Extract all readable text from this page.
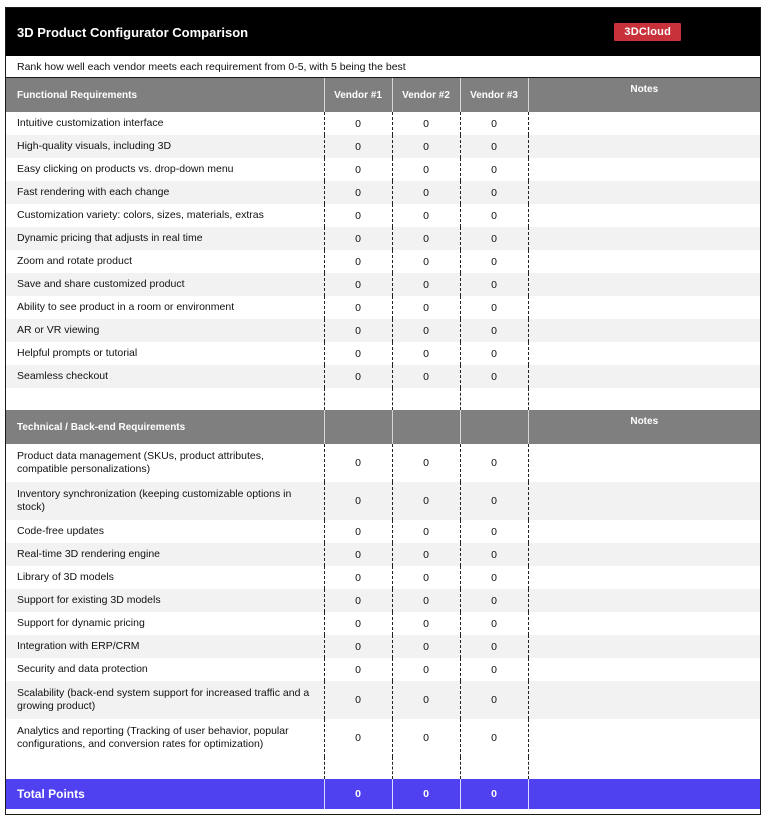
3D Product Configurator Comparison	3DCloud
Rank how well each vendor meets each requirement from 0-5, with 5 being the best
Functional Requirements	Vendor #1	Vendor #2	Vendor #3	Notes
Intuitive customization interface	0	0	0	
High-quality visuals, including 3D	0	0	0	
Easy clicking on products vs. drop-down menu	0	0	0	
Fast rendering with each change	0	0	0	
Customization variety: colors, sizes, materials, extras	0	0	0	
Dynamic pricing that adjusts in real time	0	0	0	
Zoom and rotate product	0	0	0	
Save and share customized product	0	0	0	
Ability to see product in a room or environment	0	0	0	
AR or VR viewing	0	0	0	
Helpful prompts or tutorial	0	0	0	
Seamless checkout	0	0	0	

Technical / Back-end Requirements				Notes
Product data management (SKUs, product attributes, compatible personalizations)	0	0	0	
Inventory synchronization (keeping customizable options in stock)	0	0	0	
Code-free updates	0	0	0	
Real-time 3D rendering engine	0	0	0	
Library of 3D models	0	0	0	
Support for existing 3D models	0	0	0	
Support for dynamic pricing	0	0	0	
Integration with ERP/CRM	0	0	0	
Security and data protection	0	0	0	
Scalability (back-end system support for increased traffic and a growing product)	0	0	0	
Analytics and reporting (Tracking of user behavior, popular configurations, and conversion rates for optimization)	0	0	0	

Total Points	0	0	0	
